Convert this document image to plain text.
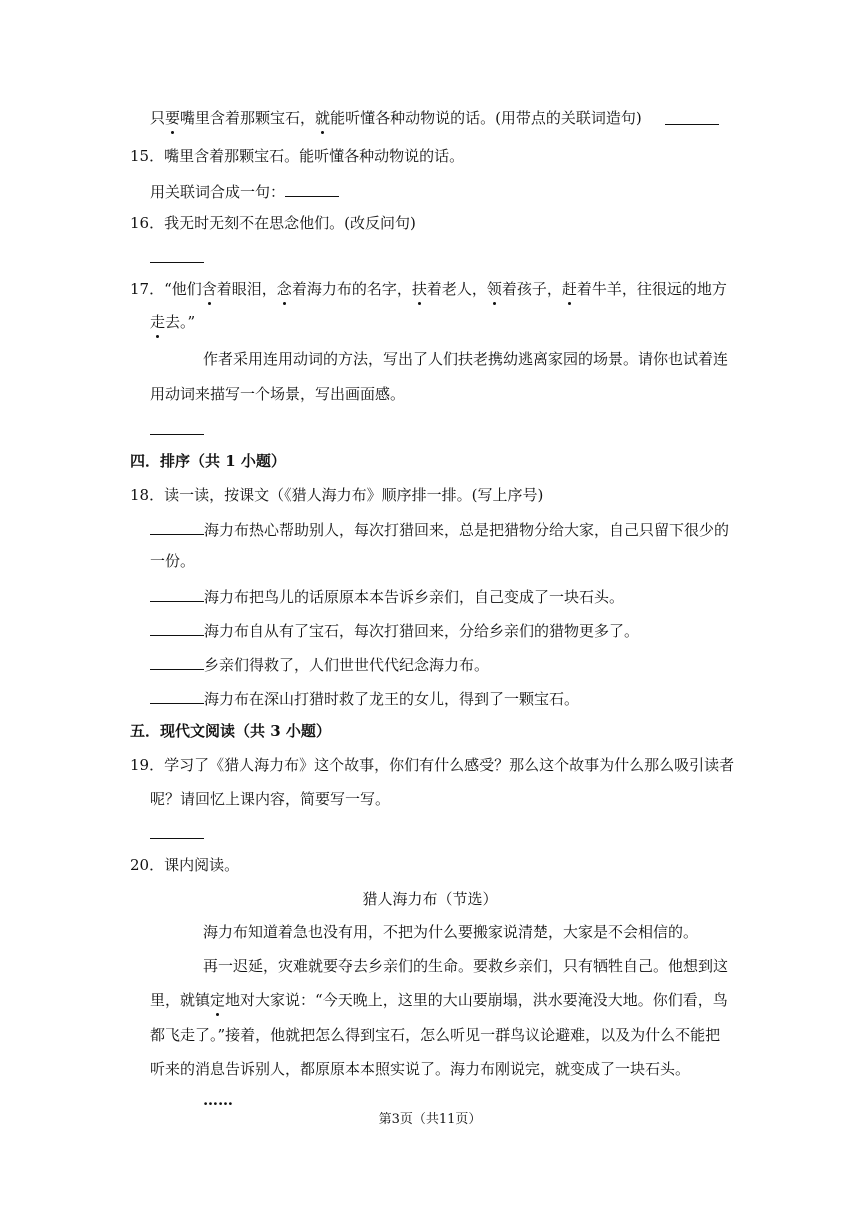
只要嘴里含着那颗宝石，就能听懂各种动物说的话。(用带点的关联词造句)
15．嘴里含着那颗宝石。能听懂各种动物说的话。
用关联词合成一句：
16．我无时无刻不在思念他们。(改反问句)
17．“他们含着眼泪，念着海力布的名字，扶着老人，领着孩子，赶着牛羊，往很远的地方
走去。”
作者采用连用动词的方法，写出了人们扶老携幼逃离家园的场景。请你也试着连
用动词来描写一个场景，写出画面感。
四．排序（共 1 小题）
18．读一读，按课文（《猎人海力布》顺序排一排。(写上序号)
海力布热心帮助别人，每次打猎回来，总是把猎物分给大家，自己只留下很少的
一份。
海力布把鸟儿的话原原本本告诉乡亲们，自己变成了一块石头。
海力布自从有了宝石，每次打猎回来，分给乡亲们的猎物更多了。
乡亲们得救了，人们世世代代纪念海力布。
海力布在深山打猎时救了龙王的女儿，得到了一颗宝石。
五．现代文阅读（共 3 小题）
19．学习了《猎人海力布》这个故事，你们有什么感受？那么这个故事为什么那么吸引读者
呢？请回忆上课内容，简要写一写。
20．课内阅读。
猎人海力布（节选）
海力布知道着急也没有用，不把为什么要搬家说清楚，大家是不会相信的。
再一迟延，灾难就要夺去乡亲们的生命。要救乡亲们，只有牺牲自己。他想到这
里，就镇定地对大家说：“今天晚上，这里的大山要崩塌，洪水要淹没大地。你们看，鸟
都飞走了。”接着，他就把怎么得到宝石，怎么听见一群鸟议论避难，以及为什么不能把
听来的消息告诉别人，都原原本本照实说了。海力布刚说完，就变成了一块石头。
……
第3页（共11页）
